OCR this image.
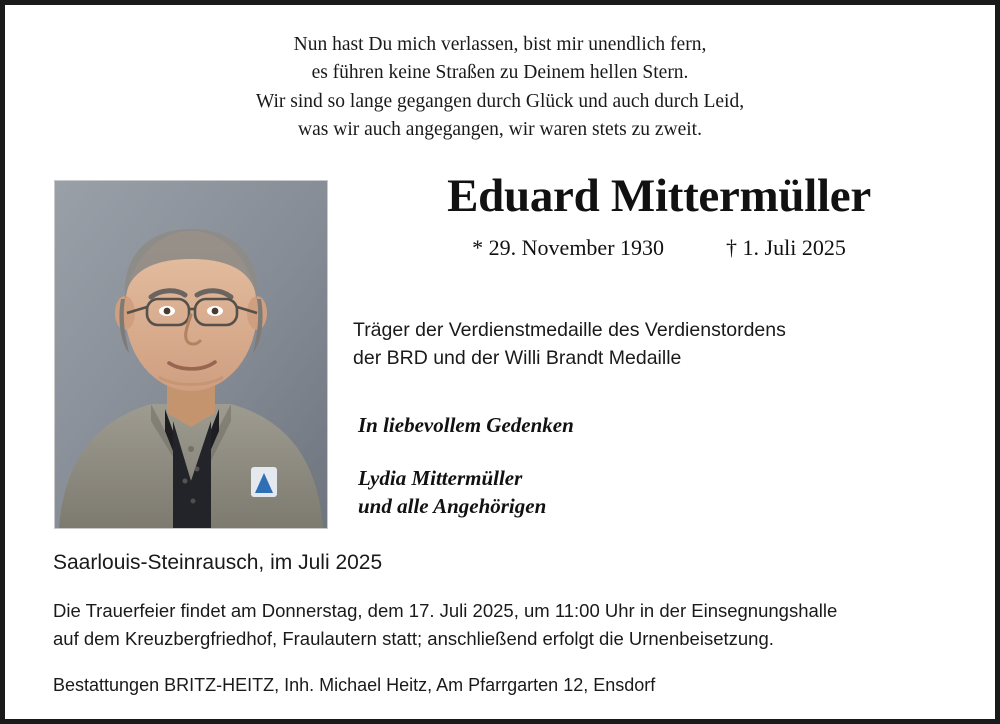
Nun hast Du mich verlassen, bist mir unendlich fern,
es führen keine Straßen zu Deinem hellen Stern.
Wir sind so lange gegangen durch Glück und auch durch Leid,
was wir auch angegangen, wir waren stets zu zweit.
Eduard Mittermüller
* 29. November 1930	† 1. Juli 2025
Träger der Verdienstmedaille des Verdienstordens
der BRD und der Willi Brandt Medaille
In liebevollem Gedenken
Lydia Mittermüller
und alle Angehörigen
Saarlouis-Steinrausch, im Juli 2025
Die Trauerfeier findet am Donnerstag, dem 17. Juli 2025, um 11:00 Uhr in der Einsegnungshalle
auf dem Kreuzbergfriedhof, Fraulautern statt; anschließend erfolgt die Urnenbeisetzung.
Bestattungen BRITZ-HEITZ, Inh. Michael Heitz, Am Pfarrgarten 12, Ensdorf
